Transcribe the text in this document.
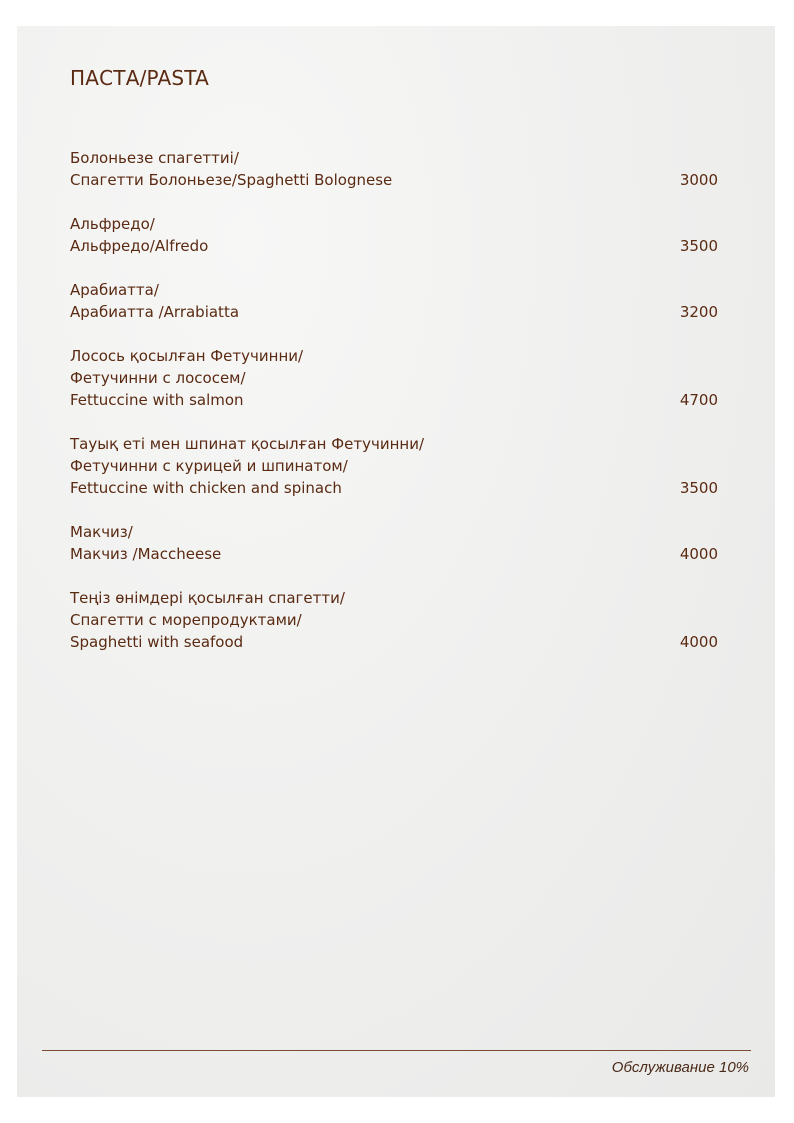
ПАСТА/PASTA
Болоньезе спагеттиі/
Спагетти Болоньезе/Spaghetti Bolognese	3000
Альфредо/
Альфредо/Alfredo	3500
Арабиатта/
Арабиатта /Arrabiatta	3200
Лосось қосылған Фетучинни/
Фетучинни с лососем/
Fettuccine with salmon	4700
Тауық еті мен шпинат қосылған Фетучинни/
Фетучинни с курицей и шпинатом/
Fettuccine with chicken and spinach	3500
Макчиз/
Макчиз /Maccheese	4000
Теңіз өнімдері қосылған спагетти/
Спагетти с морепродуктами/
Spaghetti with seafood	4000
Обслуживание 10%
